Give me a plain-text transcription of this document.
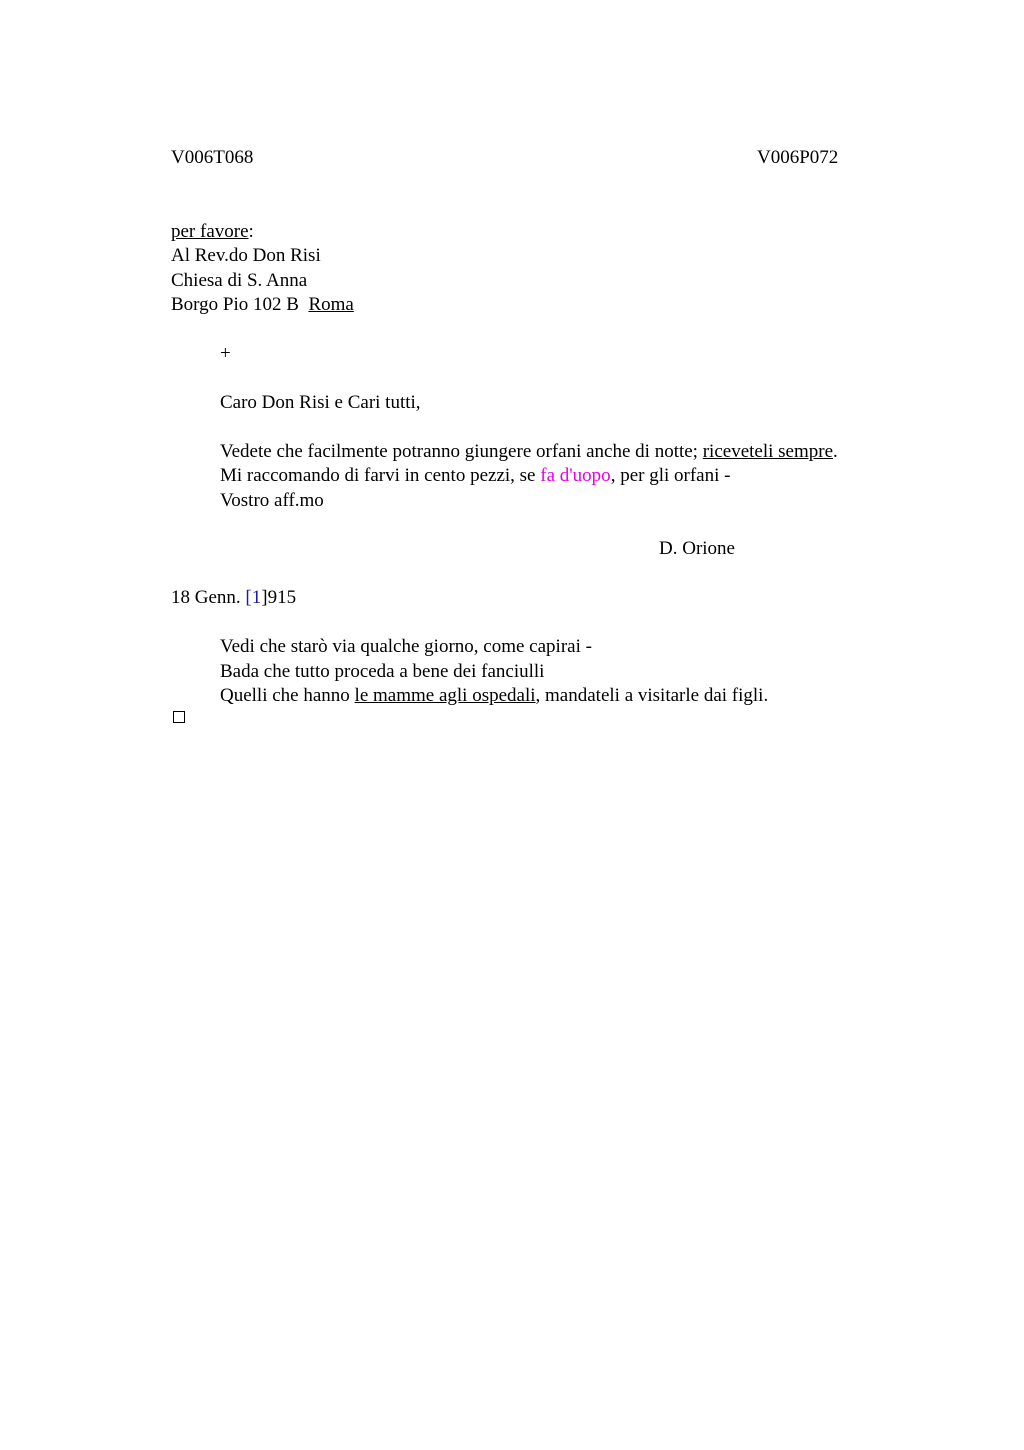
V006T068	V006P072
per favore:
Al Rev.do Don Risi
Chiesa di S. Anna
Borgo Pio 102 B Roma
+
Caro Don Risi e Cari tutti,
Vedete che facilmente potranno giungere orfani anche di notte; riceveteli sempre.
Mi raccomando di farvi in cento pezzi, se fa d'uopo, per gli orfani -
Vostro aff.mo
D. Orione
18 Genn. [1]915
Vedi che starò via qualche giorno, come capirai -
Bada che tutto proceda a bene dei fanciulli
Quelli che hanno le mamme agli ospedali, mandateli a visitarle dai figli.
